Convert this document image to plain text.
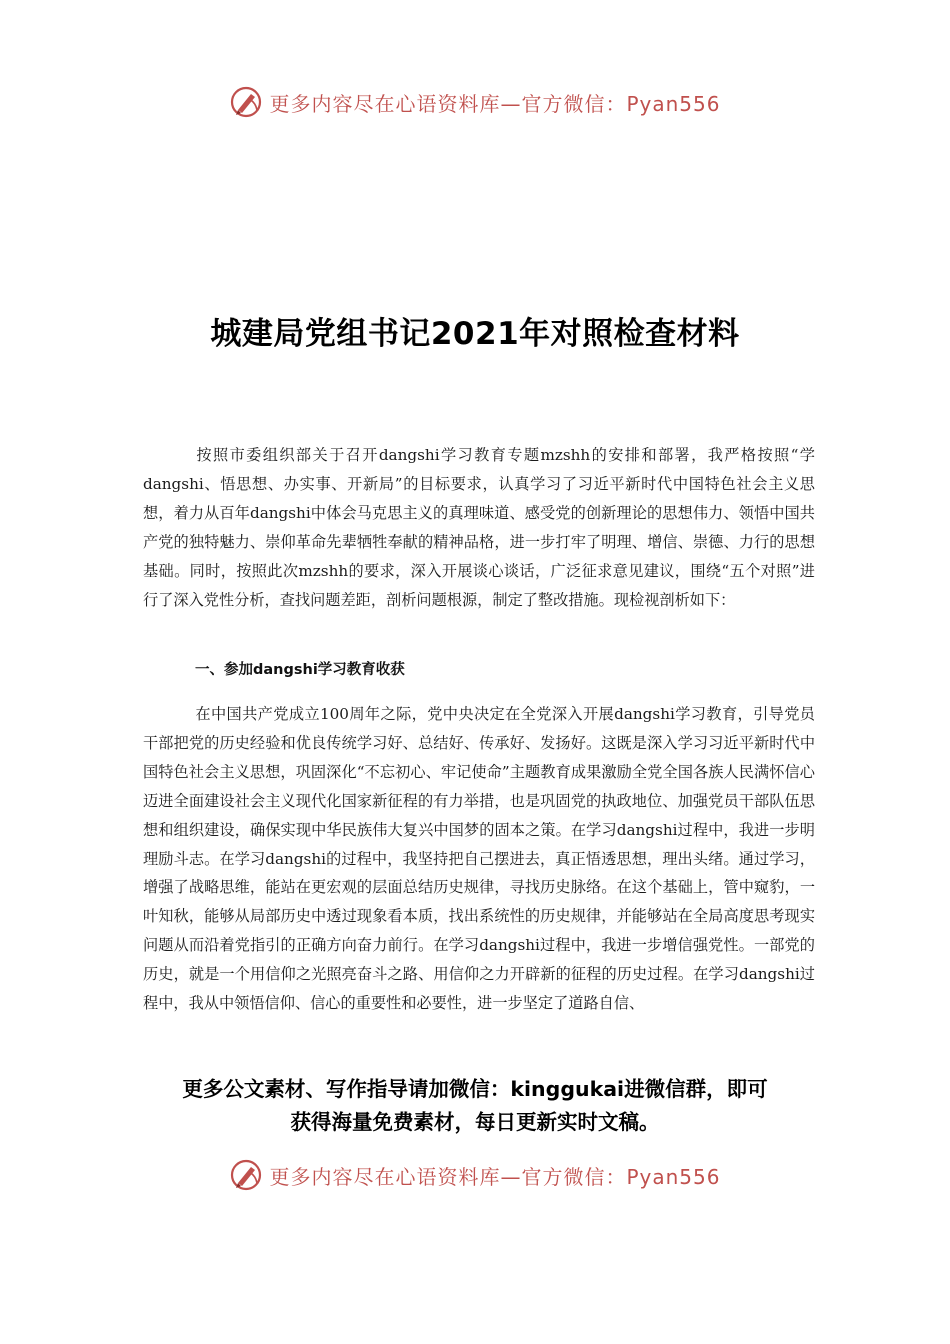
更多内容尽在心语资料库—官方微信：Pyan556
城建局党组书记2021年对照检查材料

按照市委组织部关于召开dangshi学习教育专题mzshh的安排和部署，我严格按照“学dangshi、悟思想、办实事、开新局”的目标要求，认真学习了习近平新时代中国特色社会主义思想，着力从百年dangshi中体会马克思主义的真理味道、感受党的创新理论的思想伟力、领悟中国共产党的独特魅力、崇仰革命先辈牺牲奉献的精神品格，进一步打牢了明理、增信、崇德、力行的思想基础。同时，按照此次mzshh的要求，深入开展谈心谈话，广泛征求意见建议，围绕“五个对照”进行了深入党性分析，查找问题差距，剖析问题根源，制定了整改措施。现检视剖析如下：

一、参加dangshi学习教育收获

在中国共产党成立100周年之际，党中央决定在全党深入开展dangshi学习教育，引导党员干部把党的历史经验和优良传统学习好、总结好、传承好、发扬好。这既是深入学习习近平新时代中国特色社会主义思想，巩固深化“不忘初心、牢记使命”主题教育成果激励全党全国各族人民满怀信心迈进全面建设社会主义现代化国家新征程的有力举措，也是巩固党的执政地位、加强党员干部队伍思想和组织建设，确保实现中华民族伟大复兴中国梦的固本之策。在学习dangshi过程中，我进一步明理励斗志。在学习dangshi的过程中，我坚持把自己摆进去，真正悟透思想，理出头绪。通过学习，增强了战略思维，能站在更宏观的层面总结历史规律，寻找历史脉络。在这个基础上，管中窥豹，一叶知秋，能够从局部历史中透过现象看本质，找出系统性的历史规律，并能够站在全局高度思考现实问题从而沿着党指引的正确方向奋力前行。在学习dangshi过程中，我进一步增信强党性。一部党的历史，就是一个用信仰之光照亮奋斗之路、用信仰之力开辟新的征程的历史过程。在学习dangshi过程中，我从中领悟信仰、信心的重要性和必要性，进一步坚定了道路自信、

更多公文素材、写作指导请加微信：kinggukai进微信群，即可
获得海量免费素材，每日更新实时文稿。
更多内容尽在心语资料库—官方微信：Pyan556
